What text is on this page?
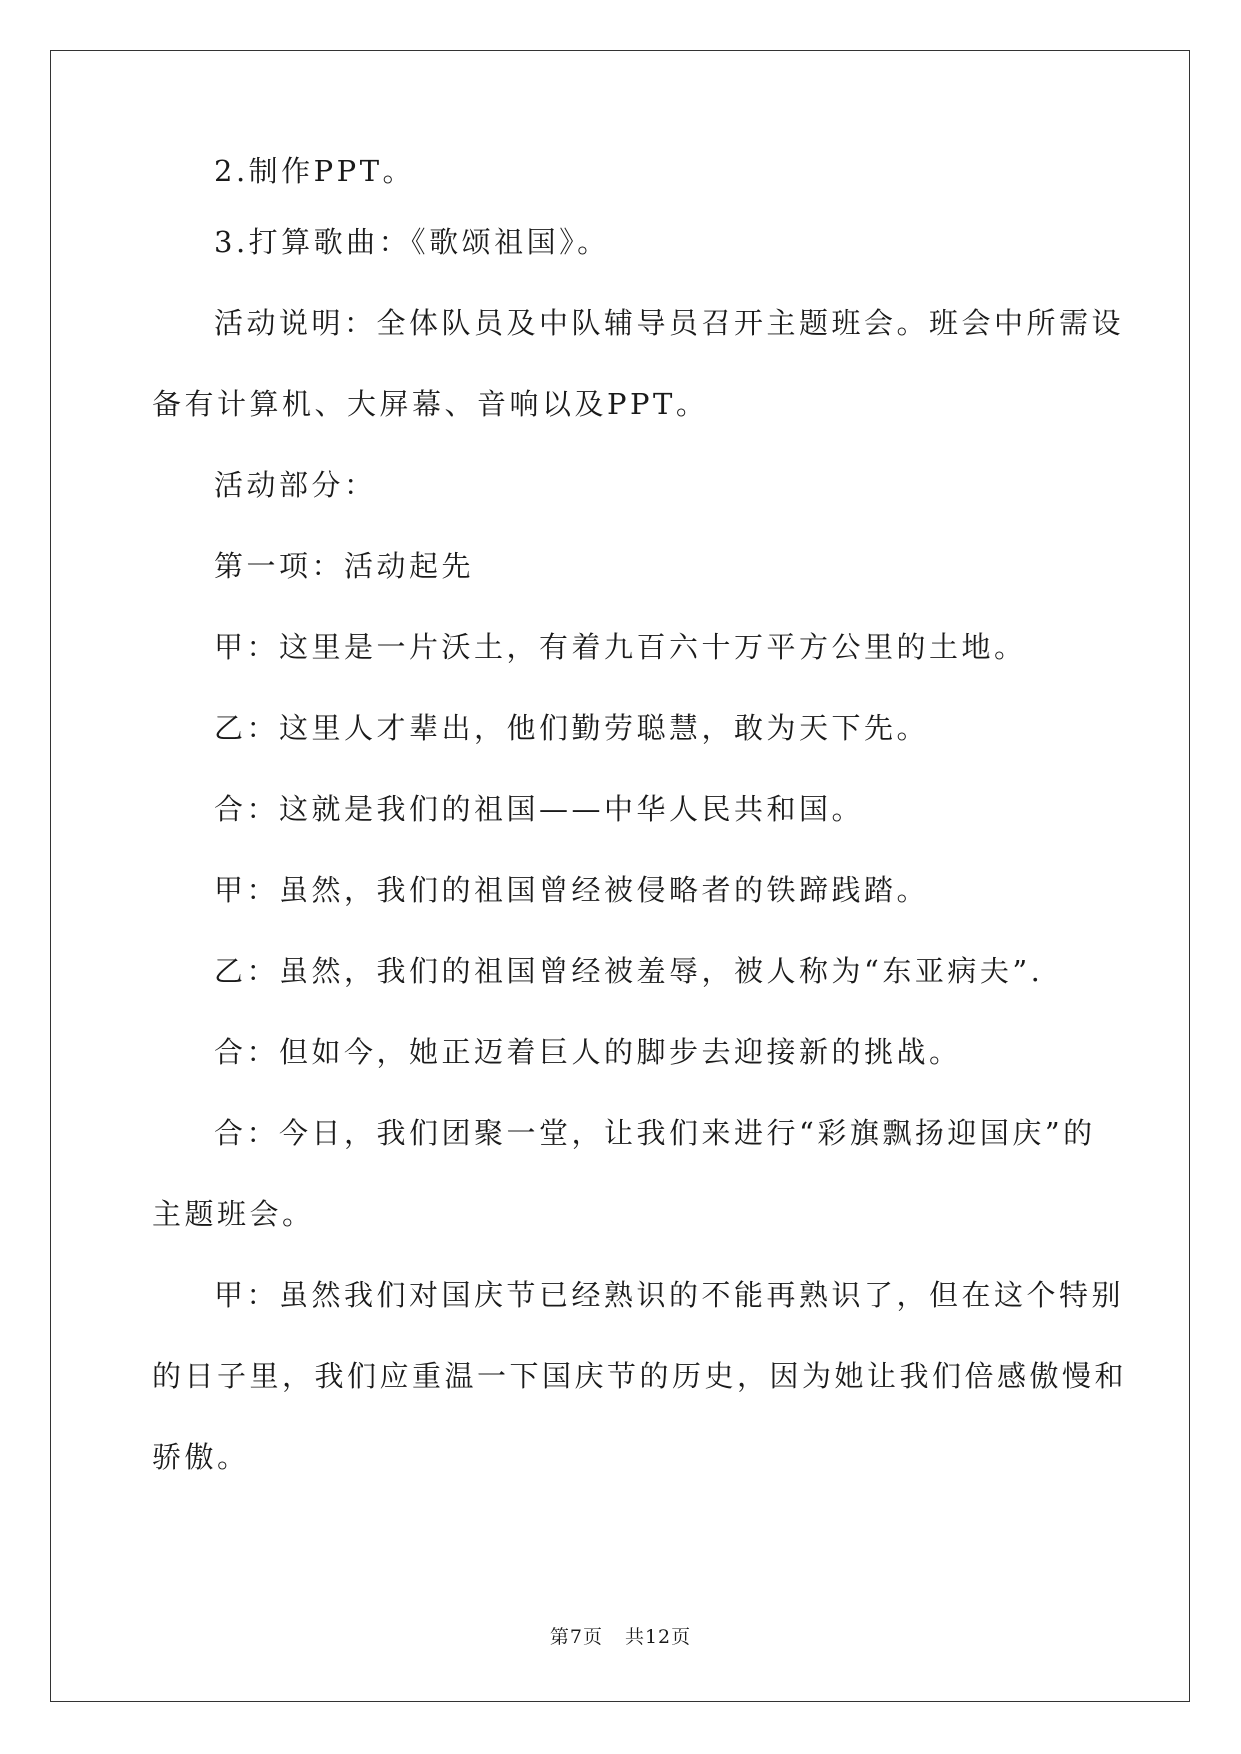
2.制作PPT。

3.打算歌曲：《歌颂祖国》。

活动说明：全体队员及中队辅导员召开主题班会。班会中所需设
备有计算机、大屏幕、音响以及PPT。

活动部分：

第一项：活动起先

甲：这里是一片沃土，有着九百六十万平方公里的土地。

乙：这里人才辈出，他们勤劳聪慧，敢为天下先。

合：这就是我们的祖国——中华人民共和国。

甲：虽然，我们的祖国曾经被侵略者的铁蹄践踏。

乙：虽然，我们的祖国曾经被羞辱，被人称为“东亚病夫”.

合：但如今，她正迈着巨人的脚步去迎接新的挑战。

合：今日，我们团聚一堂，让我们来进行“彩旗飘扬迎国庆”的
主题班会。

甲：虽然我们对国庆节已经熟识的不能再熟识了，但在这个特别
的日子里，我们应重温一下国庆节的历史，因为她让我们倍感傲慢和
骄傲。

第7页 共12页
